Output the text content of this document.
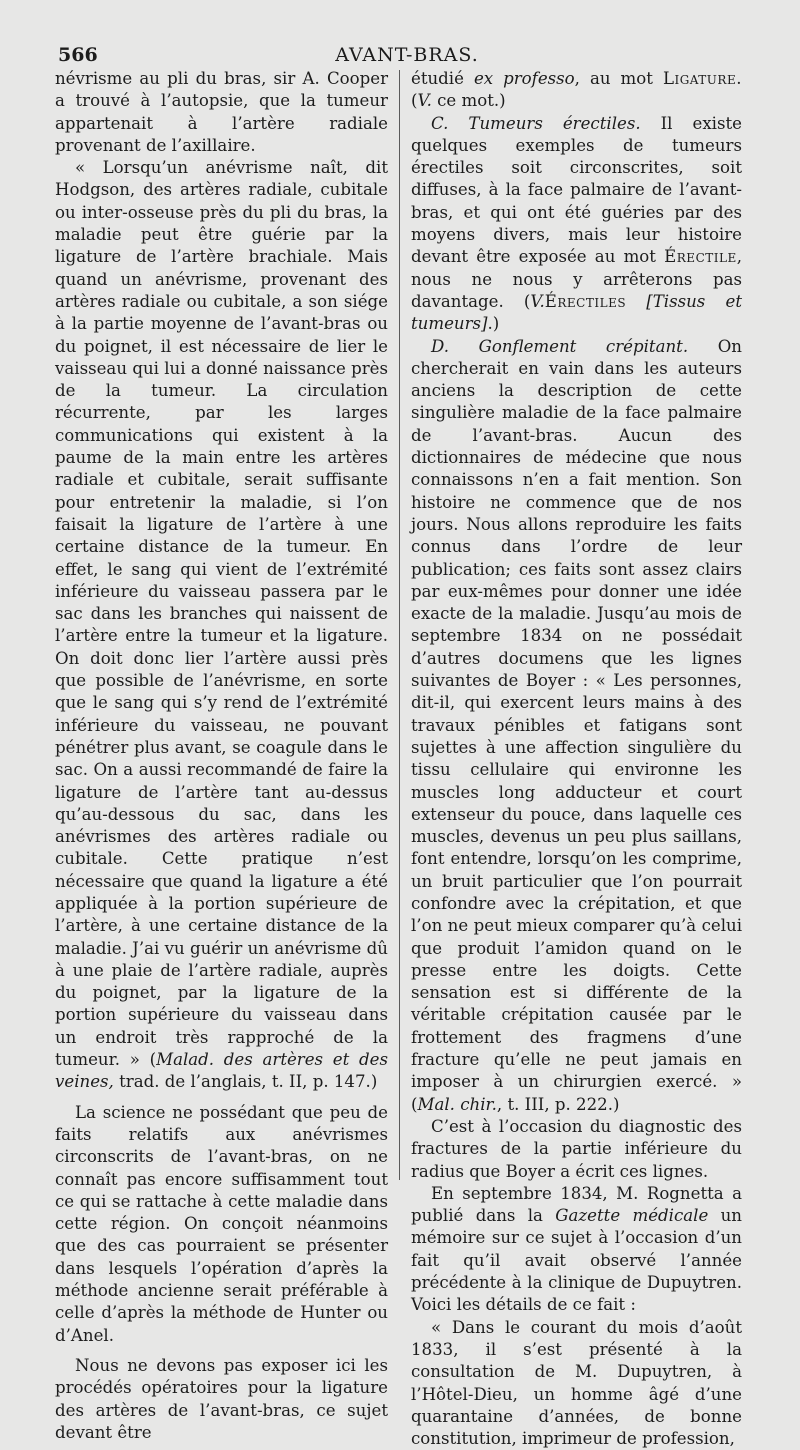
566	AVANT-BRAS.

névrisme au pli du bras, sir A. Cooper a trouvé à l’autopsie, que la tumeur appartenait à l’artère radiale provenant de l’axillaire.

« Lorsqu’un anévrisme naît, dit Hodgson, des artères radiale, cubitale ou inter-osseuse près du pli du bras, la maladie peut être guérie par la ligature de l’artère brachiale. Mais quand un anévrisme, provenant des artères radiale ou cubitale, a son siége à la partie moyenne de l’avant-bras ou du poignet, il est nécessaire de lier le vaisseau qui lui a donné naissance près de la tumeur. La circulation récurrente, par les larges communications qui existent à la paume de la main entre les artères radiale et cubitale, serait suffisante pour entretenir la maladie, si l’on faisait la ligature de l’artère à une certaine distance de la tumeur. En effet, le sang qui vient de l’extrémité inférieure du vaisseau passera par le sac dans les branches qui naissent de l’artère entre la tumeur et la ligature. On doit donc lier l’artère aussi près que possible de l’anévrisme, en sorte que le sang qui s’y rend de l’extrémité inférieure du vaisseau, ne pouvant pénétrer plus avant, se coagule dans le sac. On a aussi recommandé de faire la ligature de l’artère tant au-dessus qu’au-dessous du sac, dans les anévrismes des artères radiale ou cubitale. Cette pratique n’est nécessaire que quand la ligature a été appliquée à la portion supérieure de l’artère, à une certaine distance de la maladie. J’ai vu guérir un anévrisme dû à une plaie de l’artère radiale, auprès du poignet, par la ligature de la portion supérieure du vaisseau dans un endroit très rapproché de la tumeur. » (Malad. des artères et des veines, trad. de l’anglais, t. II, p. 147.)

La science ne possédant que peu de faits relatifs aux anévrismes circonscrits de l’avant-bras, on ne connaît pas encore suffisamment tout ce qui se rattache à cette maladie dans cette région. On conçoit néanmoins que des cas pourraient se présenter dans lesquels l’opération d’après la méthode ancienne serait préférable à celle d’après la méthode de Hunter ou d’Anel.

Nous ne devons pas exposer ici les procédés opératoires pour la ligature des artères de l’avant-bras, ce sujet devant être

étudié ex professo, au mot Ligature. (V. ce mot.)

C. Tumeurs érectiles. Il existe quelques exemples de tumeurs érectiles soit circonscrites, soit diffuses, à la face palmaire de l’avant-bras, et qui ont été guéries par des moyens divers, mais leur histoire devant être exposée au mot Érectile, nous ne nous y arrêterons pas davantage. (V.Érectiles [Tissus et tumeurs].)

D. Gonflement crépitant. On chercherait en vain dans les auteurs anciens la description de cette singulière maladie de la face palmaire de l’avant-bras. Aucun des dictionnaires de médecine que nous connaissons n’en a fait mention. Son histoire ne commence que de nos jours. Nous allons reproduire les faits connus dans l’ordre de leur publication; ces faits sont assez clairs par eux-mêmes pour donner une idée exacte de la maladie. Jusqu’au mois de septembre 1834 on ne possédait d’autres documens que les lignes suivantes de Boyer : « Les personnes, dit-il, qui exercent leurs mains à des travaux pénibles et fatigans sont sujettes à une affection singulière du tissu cellulaire qui environne les muscles long adducteur et court extenseur du pouce, dans laquelle ces muscles, devenus un peu plus saillans, font entendre, lorsqu’on les comprime, un bruit particulier que l’on pourrait confondre avec la crépitation, et que l’on ne peut mieux comparer qu’à celui que produit l’amidon quand on le presse entre les doigts. Cette sensation est si différente de la véritable crépitation causée par le frottement des fragmens d’une fracture qu’elle ne peut jamais en imposer à un chirurgien exercé. » (Mal. chir., t. III, p. 222.)

C’est à l’occasion du diagnostic des fractures de la partie inférieure du radius que Boyer a écrit ces lignes.

En septembre 1834, M. Rognetta a publié dans la Gazette médicale un mémoire sur ce sujet à l’occasion d’un fait qu’il avait observé l’année précédente à la clinique de Dupuytren. Voici les détails de ce fait :

« Dans le courant du mois d’août 1833, il s’est présenté à la consultation de M. Dupuytren, à l’Hôtel-Dieu, un homme âgé d’une quarantaine d’années, de bonne constitution, imprimeur de profession,
